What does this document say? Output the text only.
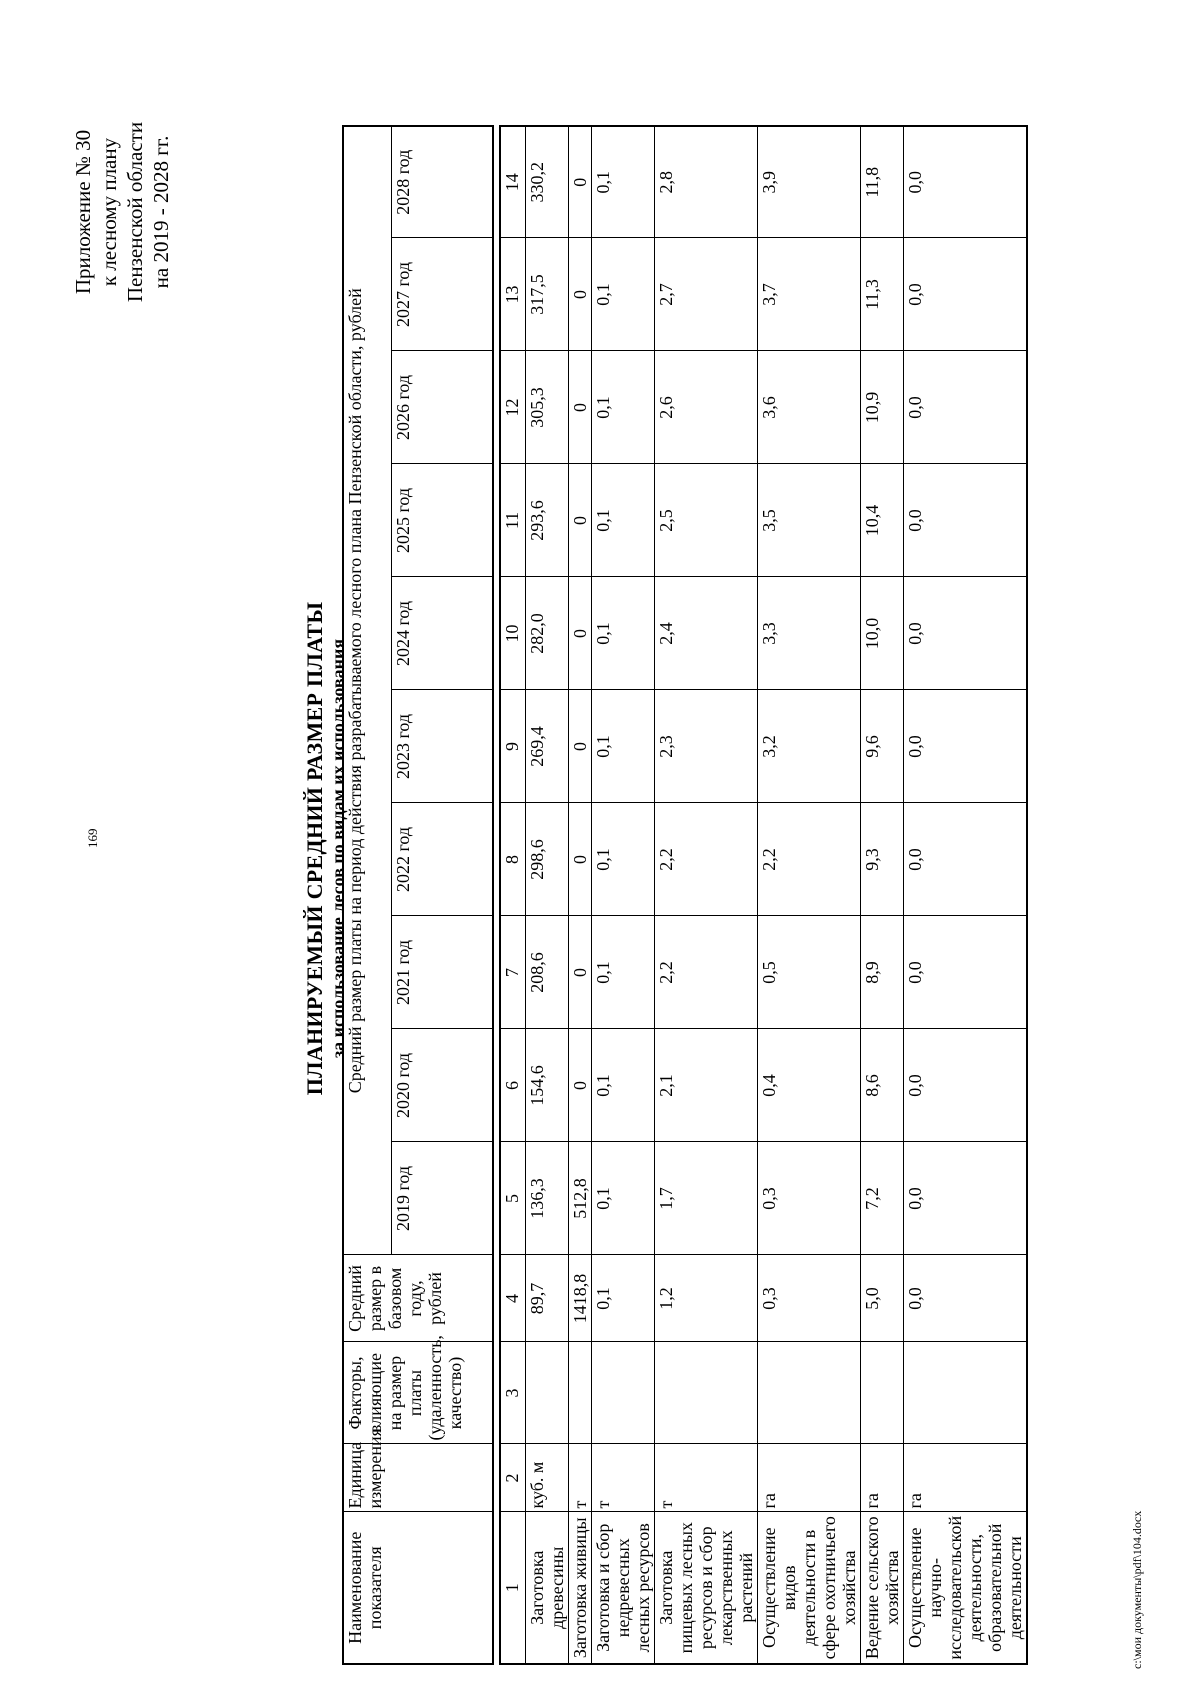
169
Приложение № 30 к лесному плану Пензенской области на 2019 - 2028 гг.
ПЛАНИРУЕМЫЙ СРЕДНИЙ РАЗМЕР ПЛАТЫ за использование лесов по видам их использования
Наименование показателя	Единица измерения	Факторы, влияющие на размер платы (удаленность, качество)	Средний размер в базовом году, рублей	Средний размер платы на период действия разрабатываемого лесного плана Пензенской области, рублей									
				2019 год	2020 год	2021 год	2022 год	2023 год	2024 год	2025 год	2026 год	2027 год	2028 год
1	2	3	4	5	6	7	8	9	10	11	12	13	14
Заготовка древесины	куб. м		89,7	136,3	154,6	208,6	298,6	269,4	282,0	293,6	305,3	317,5	330,2
Заготовка живицы	т		1418,8	512,8	0	0	0	0	0	0	0	0	0
Заготовка и сбор недревесных лесных ресурсов	т		0,1	0,1	0,1	0,1	0,1	0,1	0,1	0,1	0,1	0,1	0,1
Заготовка пищевых лесных ресурсов и сбор лекарственных растений	т		1,2	1,7	2,1	2,2	2,2	2,3	2,4	2,5	2,6	2,7	2,8
Осуществление видов деятельности в сфере охотничьего хозяйства	га		0,3	0,3	0,4	0,5	2,2	3,2	3,3	3,5	3,6	3,7	3,9
Ведение сельского хозяйства	га		5,0	7,2	8,6	8,9	9,3	9,6	10,0	10,4	10,9	11,3	11,8
Осуществление научно-исследовательской деятельности, образовательной деятельности	га		0,0	0,0	0,0	0,0	0,0	0,0	0,0	0,0	0,0	0,0	0,0
c:\мои документы\pdf\104.docx
